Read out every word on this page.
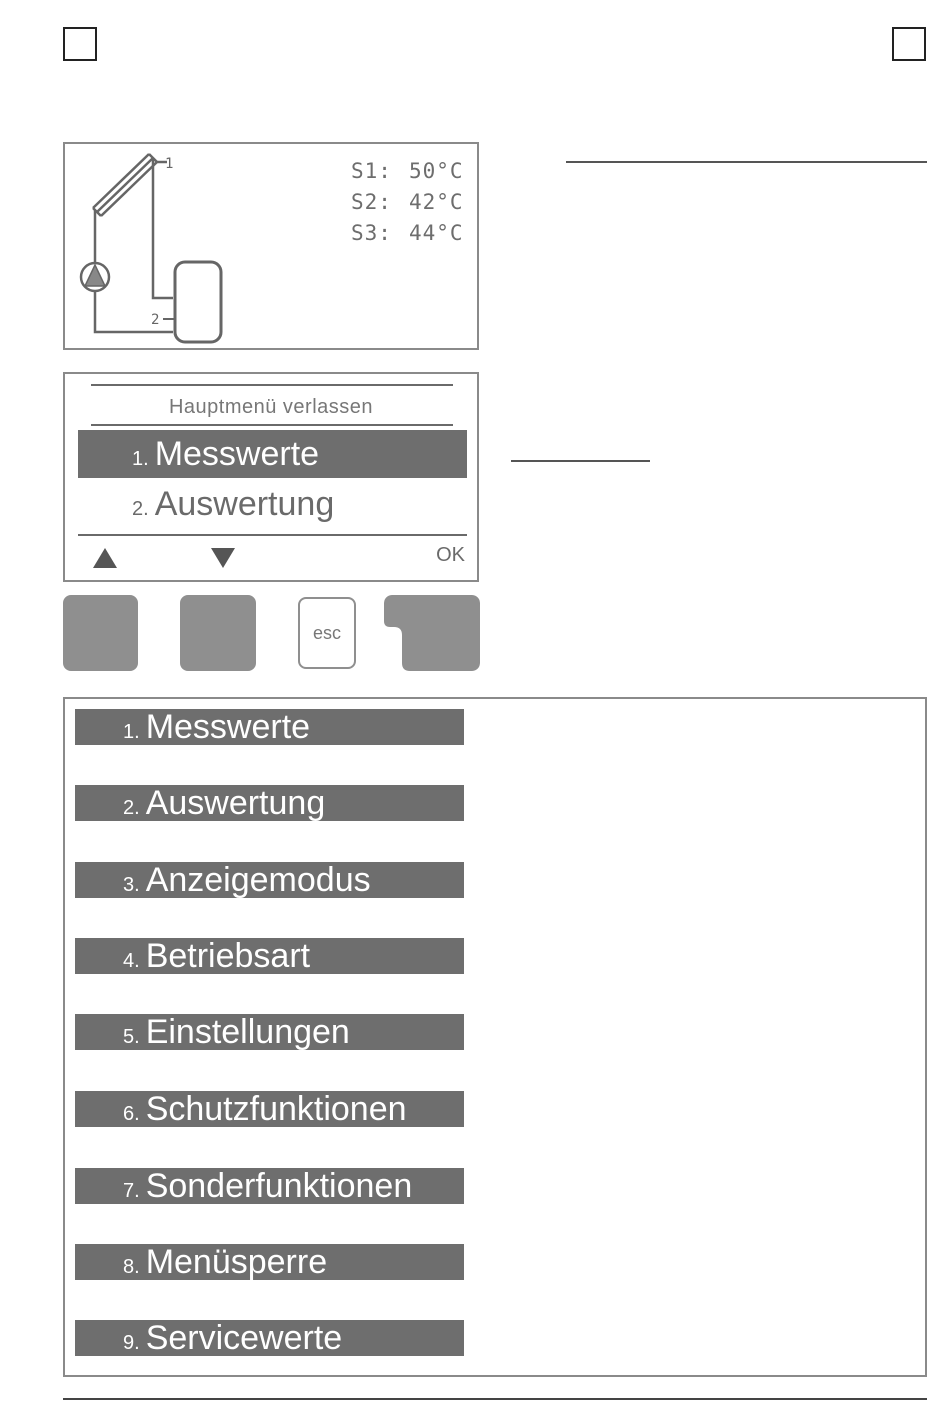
1
2
S1: 50°C
S2: 42°C
S3: 44°C
Hauptmenü verlassen
1. Messwerte
2. Auswertung
OK
esc
1. Messwerte
2. Auswertung
3. Anzeigemodus
4. Betriebsart
5. Einstellungen
6. Schutzfunktionen
7. Sonderfunktionen
8. Menüsperre
9. Servicewerte
